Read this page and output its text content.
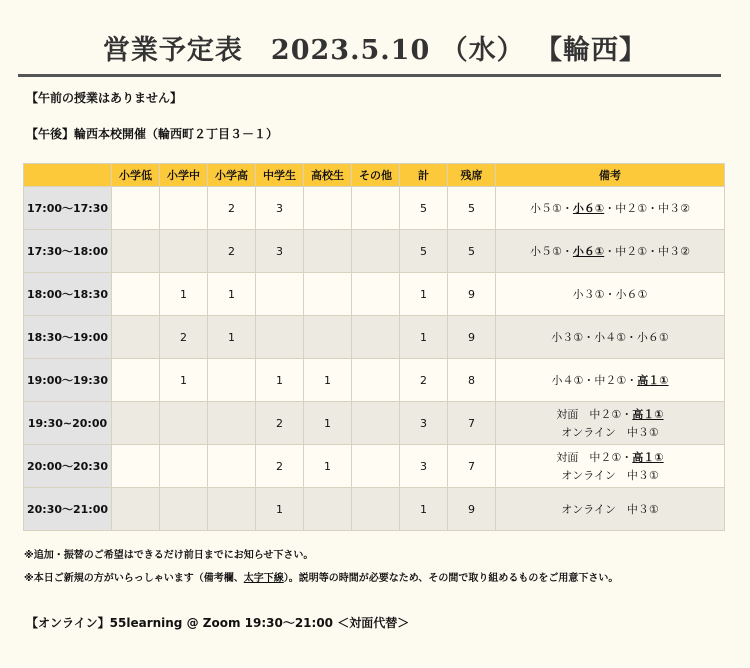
営業予定表　2023.5.10 （水） 【輪西】
【午前の授業はありません】
【午後】輪西本校開催（輪西町２丁目３－１）
	小学低	小学中	小学高	中学生	高校生	その他	計	残席	備考
17:00〜17:30			2	3			5	5	小５①・小６①・中２①・中３②

17:30〜18:00			2	3			5	5	小５①・小６①・中２①・中３②

18:00〜18:30		1	1				1	9	小３①・小６①

18:30〜19:00		2	1				1	9	小３①・小４①・小６①

19:00〜19:30		1		1	1		2	8	小４①・中２①・高１①

19:30~20:00				2	1		3	7	対面　中２①・高１①
オンライン　中３①

20:00〜20:30				2	1		3	7	対面　中２①・高１①
オンライン　中３①

20:30〜21:00				1			1	9	オンライン　中３①
※追加・振替のご希望はできるだけ前日までにお知らせ下さい。
※本日ご新規の方がいらっしゃいます（備考欄、太字下線）。説明等の時間が必要なため、その間で取り組めるものをご用意下さい。
【オンライン】55learning @ Zoom 19:30〜21:00 ＜対面代替＞
